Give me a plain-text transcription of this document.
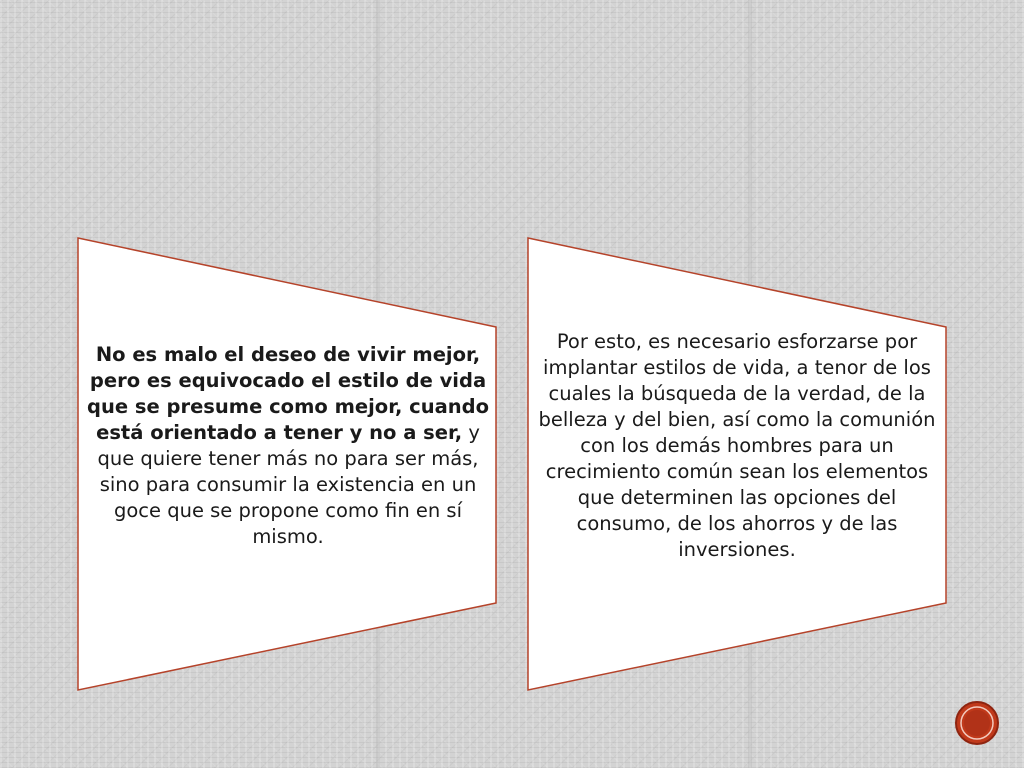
No es malo el deseo de vivir mejor, pero es equivocado el estilo de vida que se presume como mejor, cuando está orientado a tener y no a ser, y que quiere tener más no para ser más, sino para consumir la existencia en un goce que se propone como fin en sí mismo.

Por esto, es necesario esforzarse por implantar estilos de vida, a tenor de los cuales la búsqueda de la verdad, de la belleza y del bien, así como la comunión con los demás hombres para un crecimiento común sean los elementos que determinen las opciones del consumo, de los ahorros y de las inversiones.
